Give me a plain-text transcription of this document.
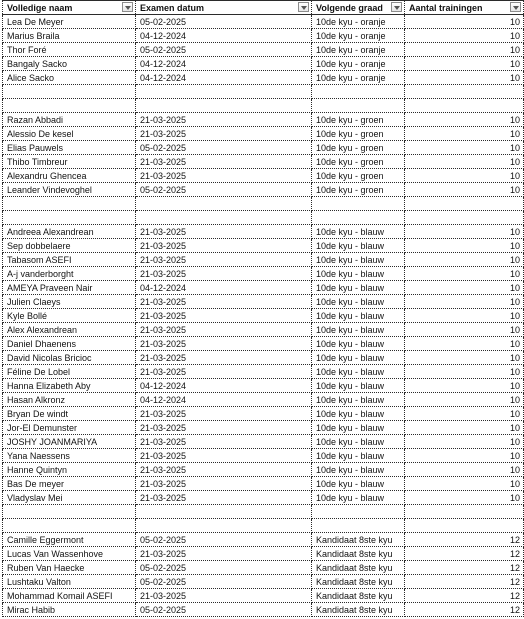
Volledige naam	Examen datum	Volgende graad	Aantal trainingen

Lea De Meyer	05-02-2025	10de kyu - oranje	10
Marius Braila	04-12-2024	10de kyu - oranje	10
Thor Foré	05-02-2025	10de kyu - oranje	10
Bangaly Sacko	04-12-2024	10de kyu - oranje	10
Alice Sacko	04-12-2024	10de kyu - oranje	10

Razan Abbadi	21-03-2025	10de kyu - groen	10
Alessio De kesel	21-03-2025	10de kyu - groen	10
Elias Pauwels	05-02-2025	10de kyu - groen	10
Thibo Timbreur	21-03-2025	10de kyu - groen	10
Alexandru Ghencea	21-03-2025	10de kyu - groen	10
Leander Vindevoghel	05-02-2025	10de kyu - groen	10

Andreea Alexandrean	21-03-2025	10de kyu - blauw	10
Sep dobbelaere	21-03-2025	10de kyu - blauw	10
Tabasom ASEFI	21-03-2025	10de kyu - blauw	10
A-j vanderborght	21-03-2025	10de kyu - blauw	10
AMEYA Praveen Nair	04-12-2024	10de kyu - blauw	10
Julien Claeys	21-03-2025	10de kyu - blauw	10
Kyle Bollé	21-03-2025	10de kyu - blauw	10
Alex Alexandrean	21-03-2025	10de kyu - blauw	10
Daniel Dhaenens	21-03-2025	10de kyu - blauw	10
David Nicolas Bricioc	21-03-2025	10de kyu - blauw	10
Féline De Lobel	21-03-2025	10de kyu - blauw	10
Hanna Elizabeth Aby	04-12-2024	10de kyu - blauw	10
Hasan Alkronz	04-12-2024	10de kyu - blauw	10
Bryan De windt	21-03-2025	10de kyu - blauw	10
Jor-El Demunster	21-03-2025	10de kyu - blauw	10
JOSHY JOANMARIYA	21-03-2025	10de kyu - blauw	10
Yana Naessens	21-03-2025	10de kyu - blauw	10
Hanne Quintyn	21-03-2025	10de kyu - blauw	10
Bas De meyer	21-03-2025	10de kyu - blauw	10
Vladyslav Mei	21-03-2025	10de kyu - blauw	10

Camille Eggermont	05-02-2025	Kandidaat 8ste kyu	12
Lucas Van Wassenhove	21-03-2025	Kandidaat 8ste kyu	12
Ruben Van Haecke	05-02-2025	Kandidaat 8ste kyu	12
Lushtaku Valton	05-02-2025	Kandidaat 8ste kyu	12
Mohammad Komail ASEFI	21-03-2025	Kandidaat 8ste kyu	12
Mirac Habib	05-02-2025	Kandidaat 8ste kyu	12
